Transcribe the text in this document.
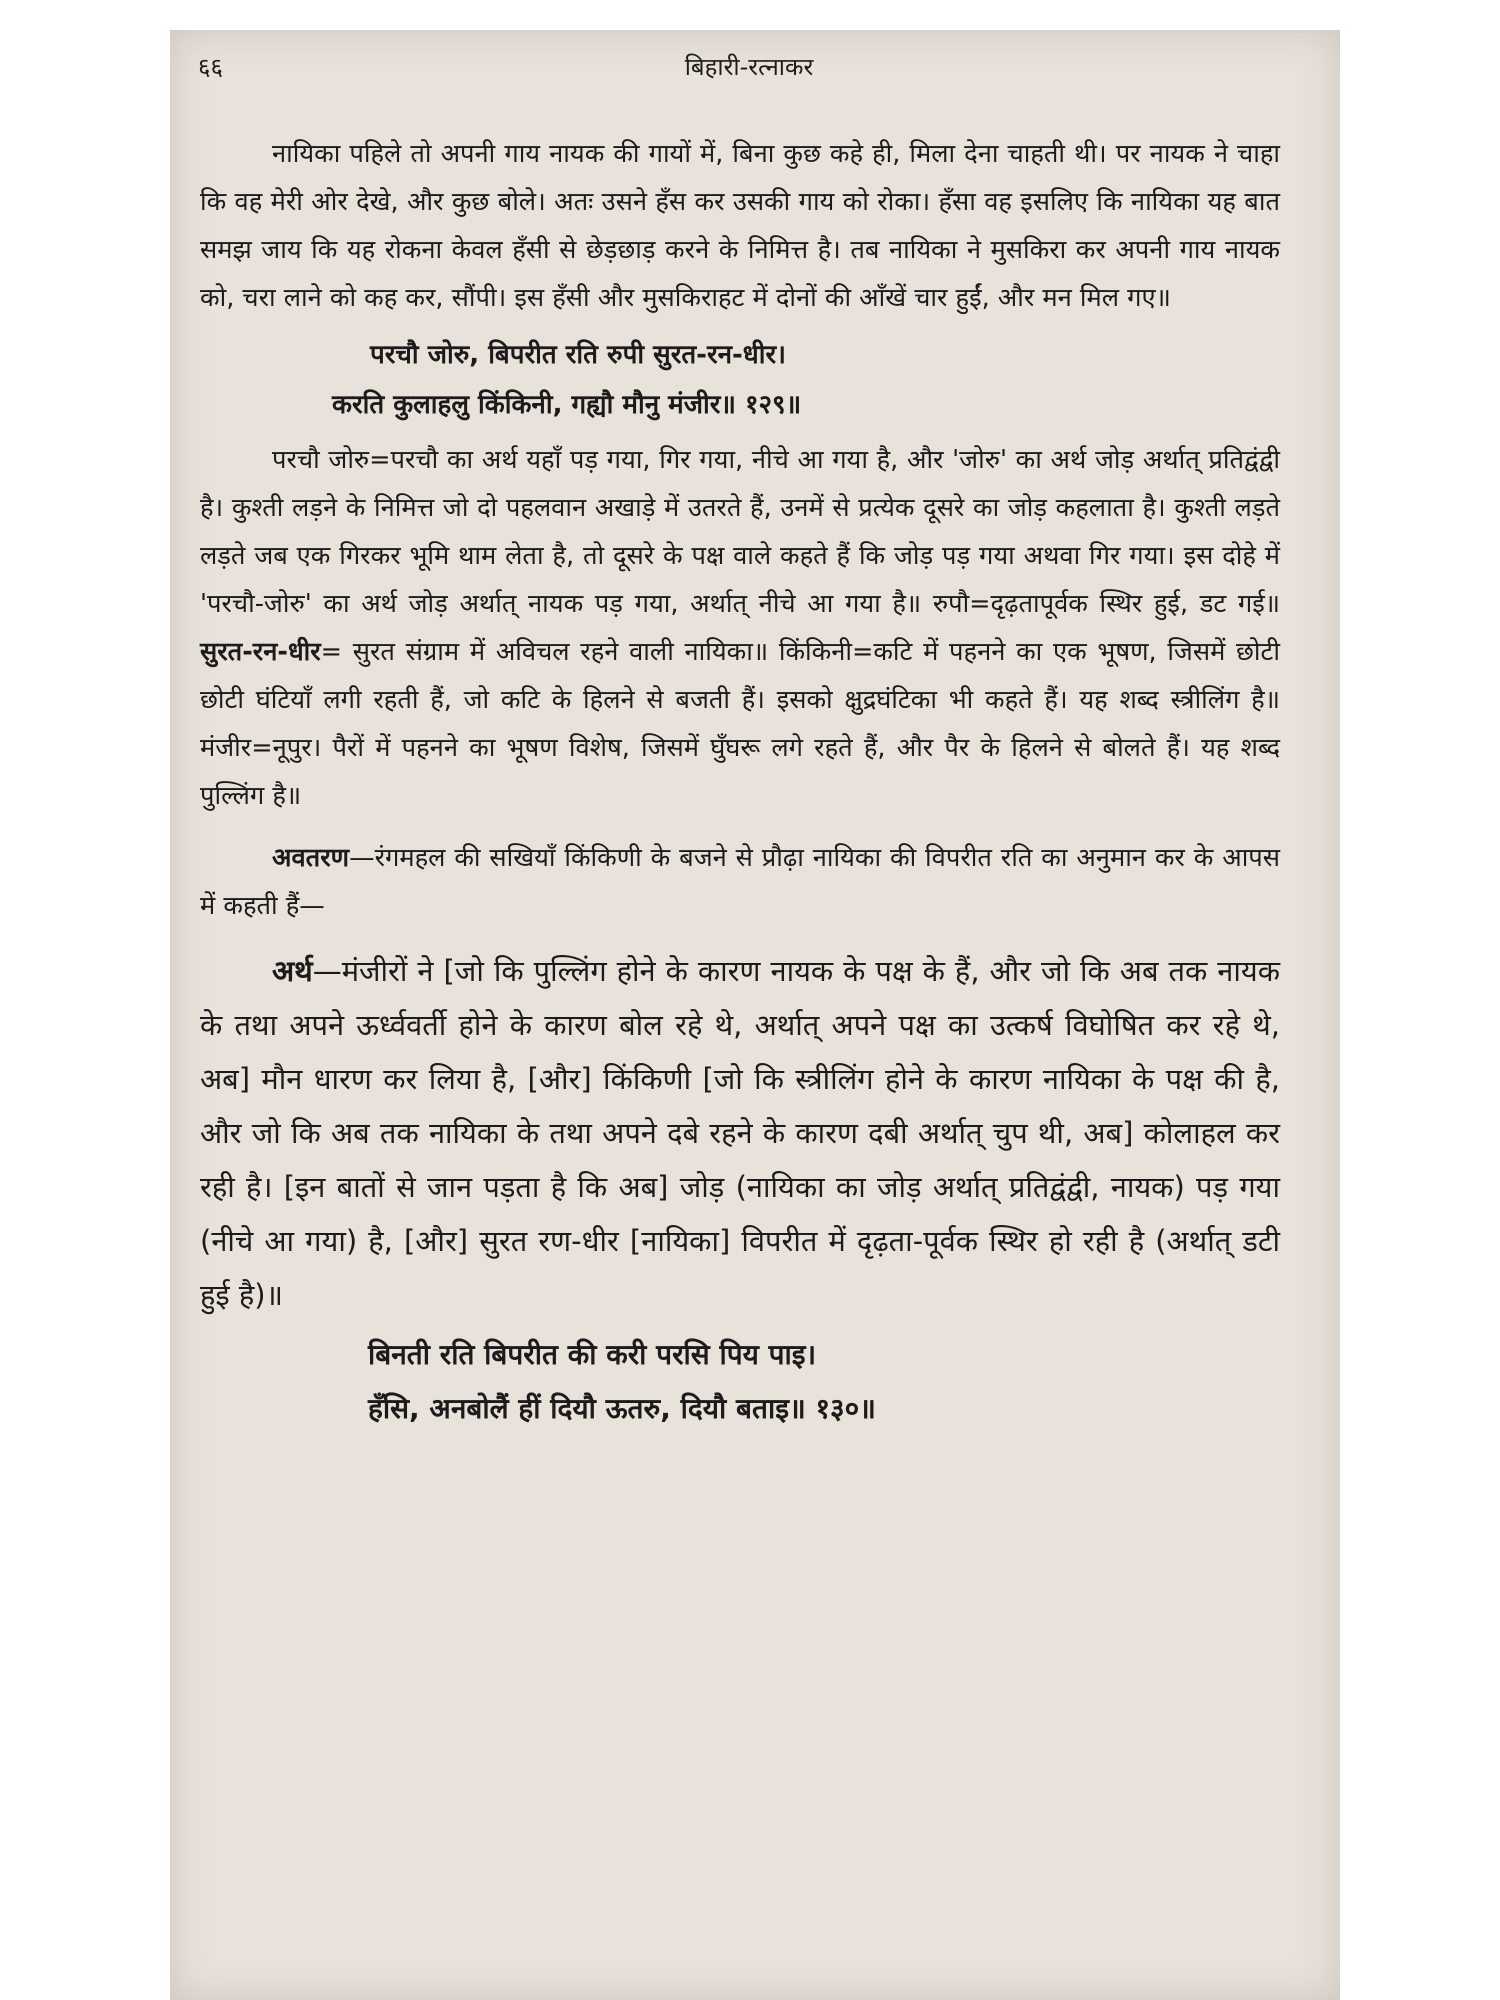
६६	बिहारी-रत्नाकर

नायिका पहिले तो अपनी गाय नायक की गायों में, बिना कुछ कहे ही, मिला देना चाहती थी। पर नायक ने चाहा कि वह मेरी ओर देखे, और कुछ बोले। अतः उसने हँस कर उसकी गाय को रोका। हँसा वह इसलिए कि नायिका यह बात समझ जाय कि यह रोकना केवल हँसी से छेड़छाड़ करने के निमित्त है। तब नायिका ने मुसकिरा कर अपनी गाय नायक को, चरा लाने को कह कर, सौंपी। इस हँसी और मुसकिराहट में दोनों की आँखें चार हुईं, और मन मिल गए॥

परचौ जोरु, बिपरीत रति रुपी सुरत-रन-धीर।
करति कुलाहलु किंकिनी, गह्यौ मौनु मंजीर॥ १२९॥

परचौ जोरु=परचौ का अर्थ यहाँ पड़ गया, गिर गया, नीचे आ गया है, और 'जोरु' का अर्थ जोड़ अर्थात् प्रतिद्वंद्वी है। कुश्ती लड़ने के निमित्त जो दो पहलवान अखाड़े में उतरते हैं, उनमें से प्रत्येक दूसरे का जोड़ कहलाता है। कुश्ती लड़ते लड़ते जब एक गिरकर भूमि थाम लेता है, तो दूसरे के पक्ष वाले कहते हैं कि जोड़ पड़ गया अथवा गिर गया। इस दोहे में 'परचौ-जोरु' का अर्थ जोड़ अर्थात् नायक पड़ गया, अर्थात् नीचे आ गया है॥ रुपौ=दृढ़तापूर्वक स्थिर हुई, डट गई॥ सुरत-रन-धीर= सुरत संग्राम में अविचल रहने वाली नायिका॥ किंकिनी=कटि में पहनने का एक भूषण, जिसमें छोटी छोटी घंटियाँ लगी रहती हैं, जो कटि के हिलने से बजती हैं। इसको क्षुद्रघंटिका भी कहते हैं। यह शब्द स्त्रीलिंग है॥ मंजीर=नूपुर। पैरों में पहनने का भूषण विशेष, जिसमें घुँघरू लगे रहते हैं, और पैर के हिलने से बोलते हैं। यह शब्द पुल्लिंग है॥

अवतरण—रंगमहल की सखियाँ किंकिणी के बजने से प्रौढ़ा नायिका की विपरीत रति का अनुमान कर के आपस में कहती हैं—

अर्थ—मंजीरों ने [जो कि पुल्लिंग होने के कारण नायक के पक्ष के हैं, और जो कि अब तक नायक के तथा अपने ऊर्ध्ववर्ती होने के कारण बोल रहे थे, अर्थात् अपने पक्ष का उत्कर्ष विघोषित कर रहे थे, अब] मौन धारण कर लिया है, [और] किंकिणी [जो कि स्त्रीलिंग होने के कारण नायिका के पक्ष की है, और जो कि अब तक नायिका के तथा अपने दबे रहने के कारण दबी अर्थात् चुप थी, अब] कोलाहल कर रही है। [इन बातों से जान पड़ता है कि अब] जोड़ (नायिका का जोड़ अर्थात् प्रतिद्वंद्वी, नायक) पड़ गया (नीचे आ गया) है, [और] सुरत रण-धीर [नायिका] विपरीत में दृढ़ता-पूर्वक स्थिर हो रही है (अर्थात् डटी हुई है)॥

बिनती रति बिपरीत की करी परसि पिय पाइ।
हँसि, अनबोलैं हीं दियौ ऊतरु, दियौ बताइ॥ १३०॥
